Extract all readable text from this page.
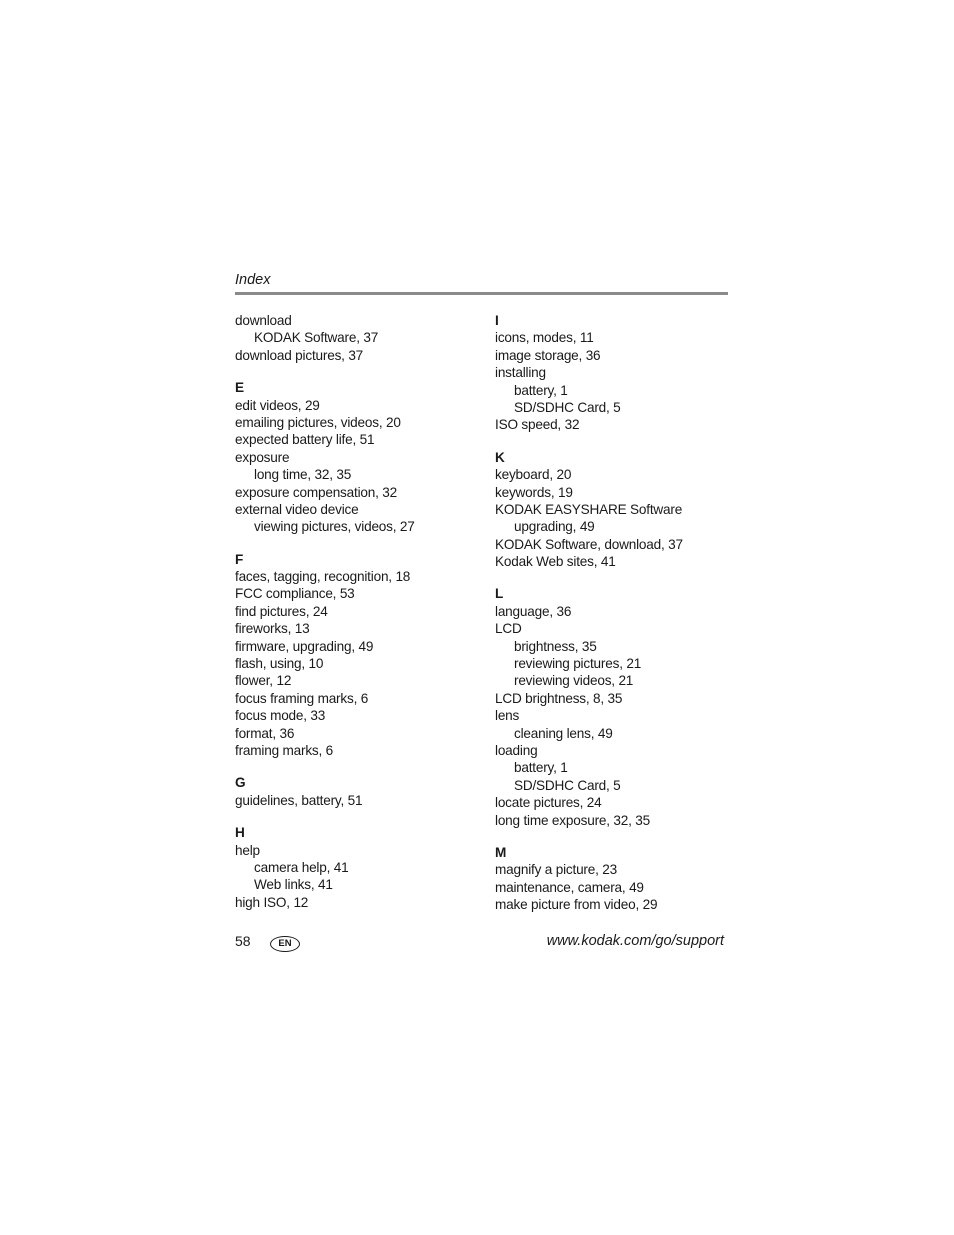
Index
download
KODAK Software, 37
download pictures, 37
E
edit videos, 29
emailing pictures, videos, 20
expected battery life, 51
exposure
long time, 32, 35
exposure compensation, 32
external video device
viewing pictures, videos, 27
F
faces, tagging, recognition, 18
FCC compliance, 53
find pictures, 24
fireworks, 13
firmware, upgrading, 49
flash, using, 10
flower, 12
focus framing marks, 6
focus mode, 33
format, 36
framing marks, 6
G
guidelines, battery, 51
H
help
camera help, 41
Web links, 41
high ISO, 12
I
icons, modes, 11
image storage, 36
installing
battery, 1
SD/SDHC Card, 5
ISO speed, 32
K
keyboard, 20
keywords, 19
KODAK EASYSHARE Software
upgrading, 49
KODAK Software, download, 37
Kodak Web sites, 41
L
language, 36
LCD
brightness, 35
reviewing pictures, 21
reviewing videos, 21
LCD brightness, 8, 35
lens
cleaning lens, 49
loading
battery, 1
SD/SDHC Card, 5
locate pictures, 24
long time exposure, 32, 35
M
magnify a picture, 23
maintenance, camera, 49
make picture from video, 29
58	EN	www.kodak.com/go/support
